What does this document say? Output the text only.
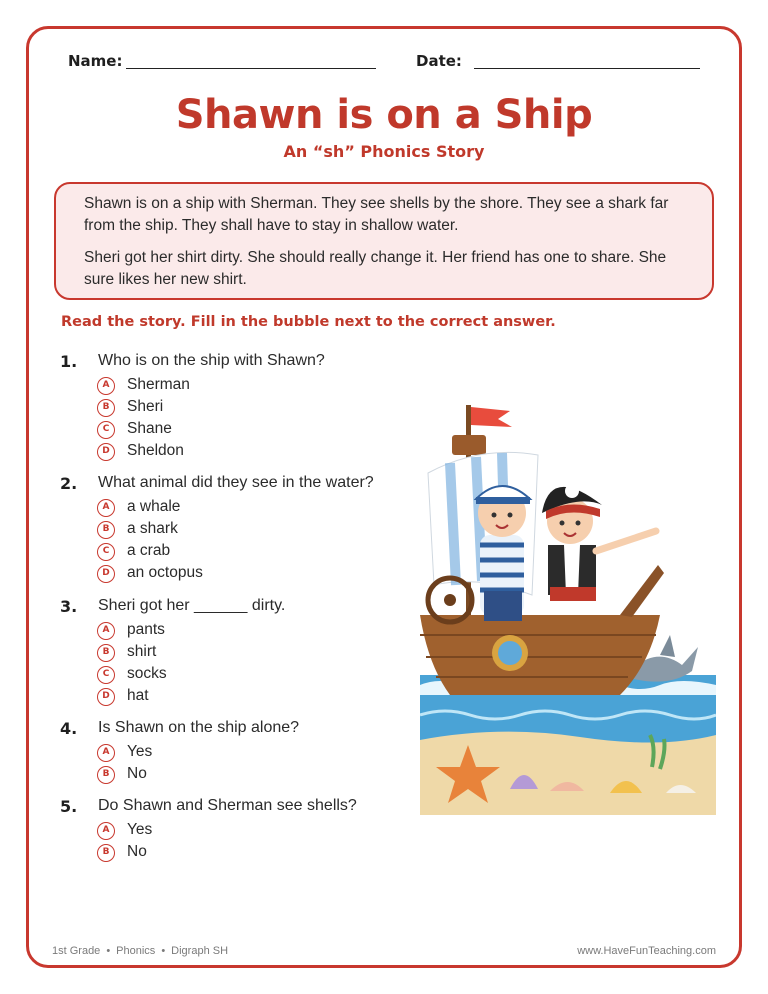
Name:	Date:
Shawn is on a Ship
An “sh” Phonics Story

Shawn is on a ship with Sherman. They see shells by the shore. They see a shark far from the ship. They shall have to stay in shallow water.

Sheri got her shirt dirty. She should really change it. Her friend has one to share. She sure likes her new shirt.

Read the story. Fill in the bubble next to the correct answer.
1. Who is on the ship with Shawn?
A	Sherman
B	Sheri
C	Shane
D	Sheldon
2. What animal did they see in the water?
A	a whale
B	a shark
C	a crab
D	an octopus
3. Sheri got her ______ dirty.
A	pants
B	shirt
C	socks
D	hat
4. Is Shawn on the ship alone?
A	Yes
B	No
5. Do Shawn and Sherman see shells?
A	Yes
B	No
1st Grade • Phonics • Digraph SH	www.HaveFunTeaching.com
